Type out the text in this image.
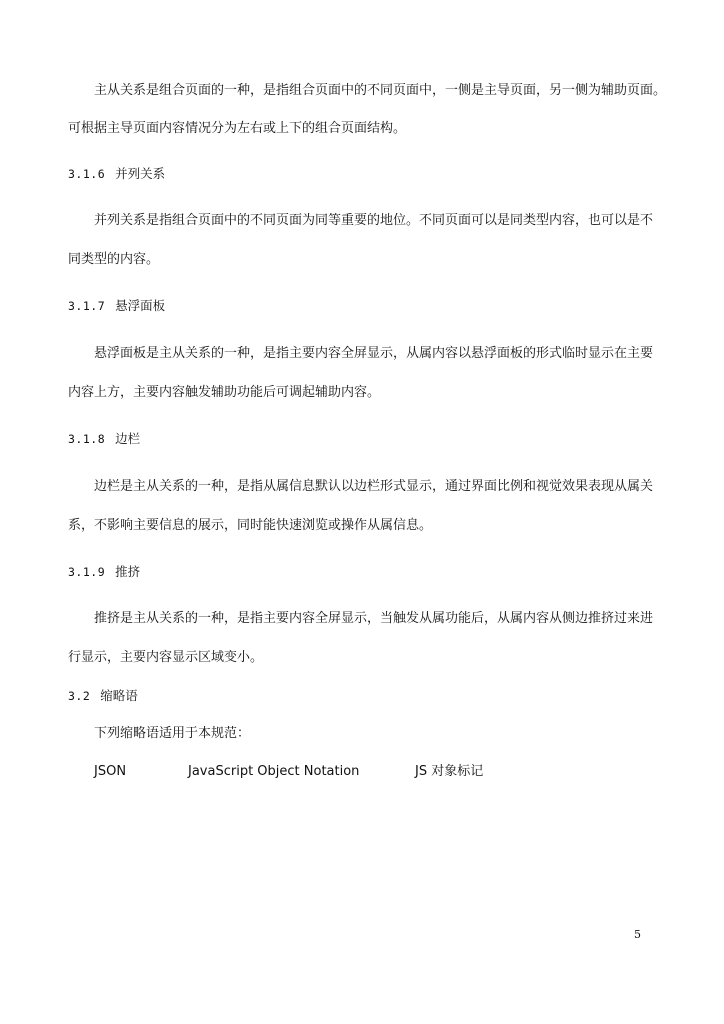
主从关系是组合页面的一种，是指组合页面中的不同页面中，一侧是主导页面，另一侧为辅助页面。
可根据主导页面内容情况分为左右或上下的组合页面结构。
3.1.6 并列关系
并列关系是指组合页面中的不同页面为同等重要的地位。不同页面可以是同类型内容，也可以是不
同类型的内容。
3.1.7 悬浮面板
悬浮面板是主从关系的一种，是指主要内容全屏显示，从属内容以悬浮面板的形式临时显示在主要
内容上方，主要内容触发辅助功能后可调起辅助内容。
3.1.8 边栏
边栏是主从关系的一种，是指从属信息默认以边栏形式显示，通过界面比例和视觉效果表现从属关
系，不影响主要信息的展示，同时能快速浏览或操作从属信息。
3.1.9 推挤
推挤是主从关系的一种，是指主要内容全屏显示，当触发从属功能后，从属内容从侧边推挤过来进
行显示，主要内容显示区域变小。
3.2 缩略语
下列缩略语适用于本规范：
JSON	JavaScript Object Notation	JS 对象标记
5
